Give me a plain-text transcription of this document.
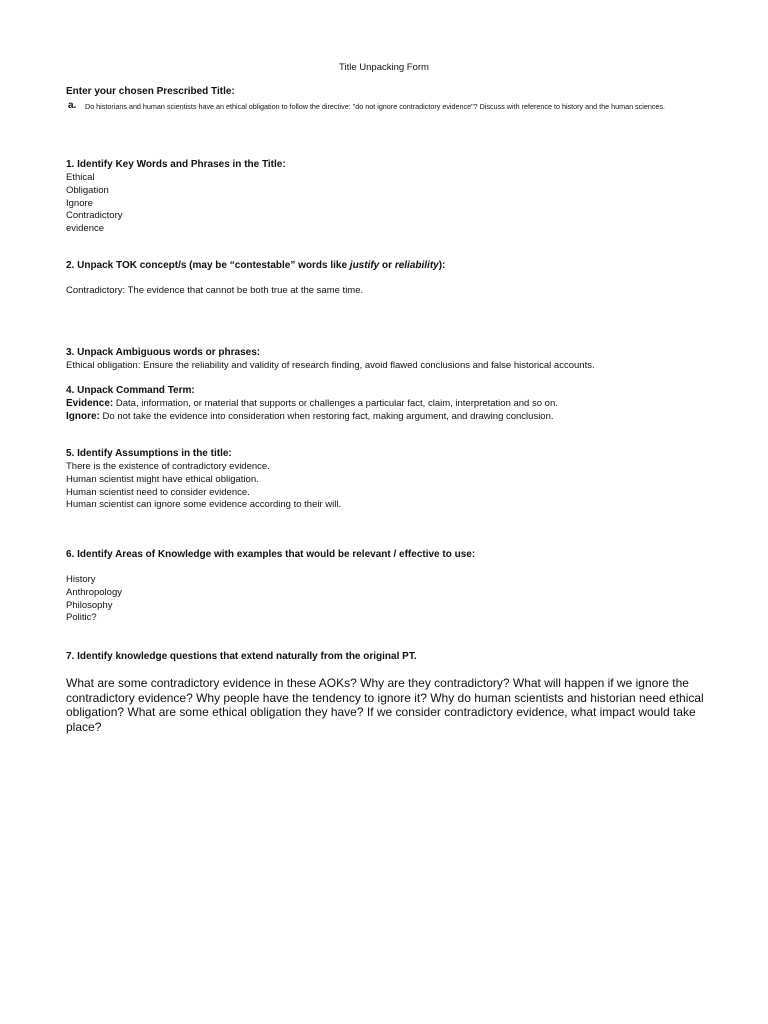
Title Unpacking Form
Enter your chosen Prescribed Title:
a. Do historians and human scientists have an ethical obligation to follow the directive: "do not ignore contradictory evidence"? Discuss with reference to history and the human sciences.
1. Identify Key Words and Phrases in the Title:
Ethical
Obligation
Ignore
Contradictory
evidence
2. Unpack TOK concept/s (may be “contestable” words like justify or reliability):
Contradictory: The evidence that cannot be both true at the same time.
3. Unpack Ambiguous words or phrases:
Ethical obligation: Ensure the reliability and validity of research finding, avoid flawed conclusions and false historical accounts.
4. Unpack Command Term:
Evidence: Data, information, or material that supports or challenges a particular fact, claim, interpretation and so on.
Ignore: Do not take the evidence into consideration when restoring fact, making argument, and drawing conclusion.
5. Identify Assumptions in the title:
There is the existence of contradictory evidence.
Human scientist might have ethical obligation.
Human scientist need to consider evidence.
Human scientist can ignore some evidence according to their will.
6. Identify Areas of Knowledge with examples that would be relevant / effective to use:
History
Anthropology
Philosophy
Politic?
7. Identify knowledge questions that extend naturally from the original PT.
What are some contradictory evidence in these AOKs? Why are they contradictory? What will happen if we ignore the contradictory evidence? Why people have the tendency to ignore it? Why do human scientists and historian need ethical obligation? What are some ethical obligation they have? If we consider contradictory evidence, what impact would take place?
